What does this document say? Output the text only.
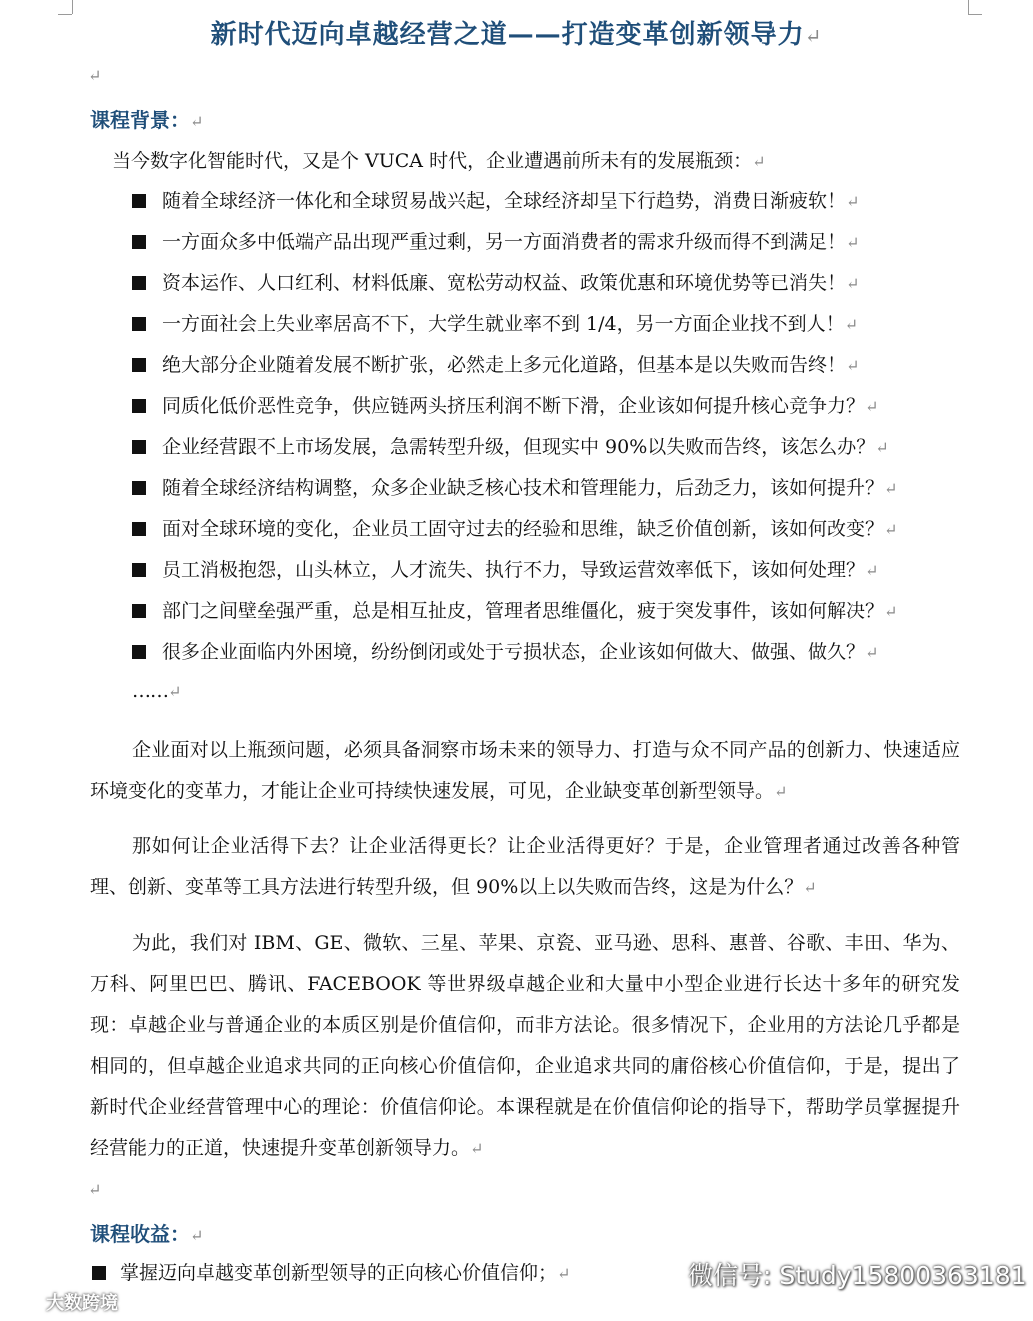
新时代迈向卓越经营之道——打造变革创新领导力↵
↵
课程背景：↵
当今数字化智能时代，又是个 VUCA 时代，企业遭遇前所未有的发展瓶颈：↵
随着全球经济一体化和全球贸易战兴起，全球经济却呈下行趋势，消费日渐疲软！↵
一方面众多中低端产品出现严重过剩，另一方面消费者的需求升级而得不到满足！↵
资本运作、人口红利、材料低廉、宽松劳动权益、政策优惠和环境优势等已消失！↵
一方面社会上失业率居高不下，大学生就业率不到 1/4，另一方面企业找不到人！↵
绝大部分企业随着发展不断扩张，必然走上多元化道路，但基本是以失败而告终！↵
同质化低价恶性竞争，供应链两头挤压利润不断下滑，企业该如何提升核心竞争力？↵
企业经营跟不上市场发展，急需转型升级，但现实中 90%以失败而告终，该怎么办？↵
随着全球经济结构调整，众多企业缺乏核心技术和管理能力，后劲乏力，该如何提升？↵
面对全球环境的变化，企业员工固守过去的经验和思维，缺乏价值创新，该如何改变？↵
员工消极抱怨，山头林立，人才流失、执行不力，导致运营效率低下，该如何处理？↵
部门之间壁垒强严重，总是相互扯皮，管理者思维僵化，疲于突发事件，该如何解决？↵
很多企业面临内外困境，纷纷倒闭或处于亏损状态，企业该如何做大、做强、做久？↵
……↵
企业面对以上瓶颈问题，必须具备洞察市场未来的领导力、打造与众不同产品的创新力、快速适应环境变化的变革力，才能让企业可持续快速发展，可见，企业缺变革创新型领导。↵
那如何让企业活得下去？让企业活得更长？让企业活得更好？于是，企业管理者通过改善各种管理、创新、变革等工具方法进行转型升级，但 90%以上以失败而告终，这是为什么？↵
为此，我们对 IBM、GE、微软、三星、苹果、京瓷、亚马逊、思科、惠普、谷歌、丰田、华为、万科、阿里巴巴、腾讯、FACEBOOK 等世界级卓越企业和大量中小型企业进行长达十多年的研究发现：卓越企业与普通企业的本质区别是价值信仰，而非方法论。很多情况下，企业用的方法论几乎都是相同的，但卓越企业追求共同的正向核心价值信仰，企业追求共同的庸俗核心价值信仰，于是，提出了新时代企业经营管理中心的理论：价值信仰论。本课程就是在价值信仰论的指导下，帮助学员掌握提升经营能力的正道，快速提升变革创新领导力。↵
↵
课程收益：↵
掌握迈向卓越变革创新型领导的正向核心价值信仰；↵	微信号: Study15800363181
大数跨境
